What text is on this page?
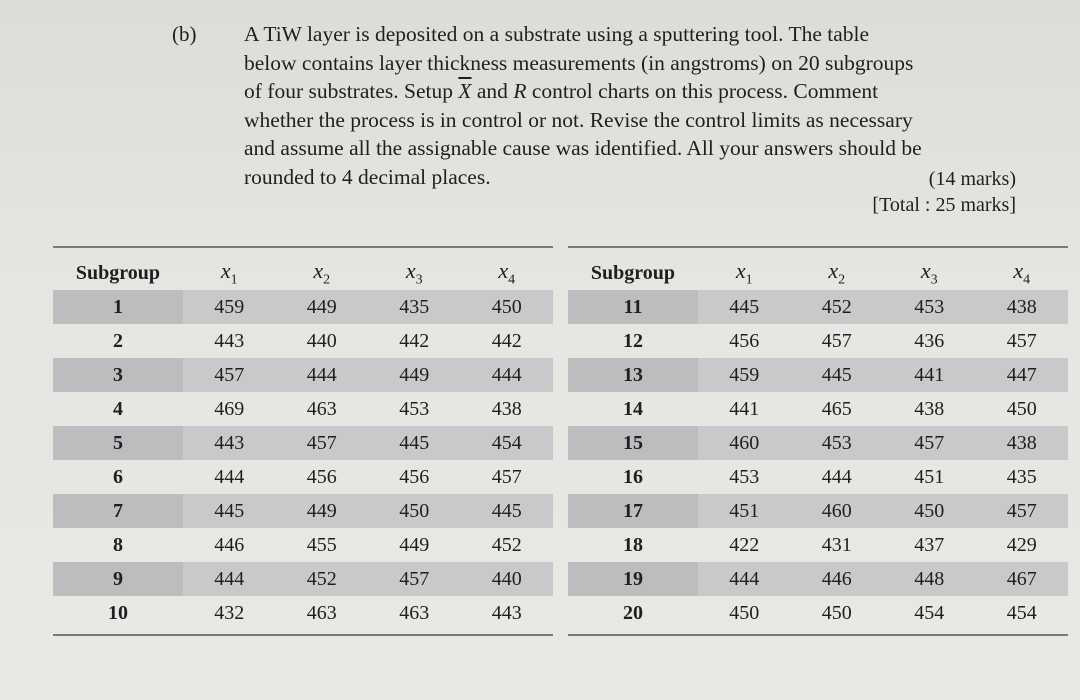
(b) A TiW layer is deposited on a substrate using a sputtering tool. The table
below contains layer thickness measurements (in angstroms) on 20 subgroups
of four substrates. Setup $\overline{X}$ and R control charts on this process. Comment
whether the process is in control or not. Revise the control limits as necessary
and assume all the assignable cause was identified. All your answers should be
rounded to 4 decimal places.	(14 marks)
[Total : 25 marks]
Subgroup	$x_1$	$x_2$	$x_3$	$x_4$
1	459	449	435	450
2	443	440	442	442
3	457	444	449	444
4	469	463	453	438
5	443	457	445	454
6	444	456	456	457
7	445	449	450	445
8	446	455	449	452
9	444	452	457	440
10	432	463	463	443
Subgroup	$x_1$	$x_2$	$x_3$	$x_4$
11	445	452	453	438
12	456	457	436	457
13	459	445	441	447
14	441	465	438	450
15	460	453	457	438
16	453	444	451	435
17	451	460	450	457
18	422	431	437	429
19	444	446	448	467
20	450	450	454	454
